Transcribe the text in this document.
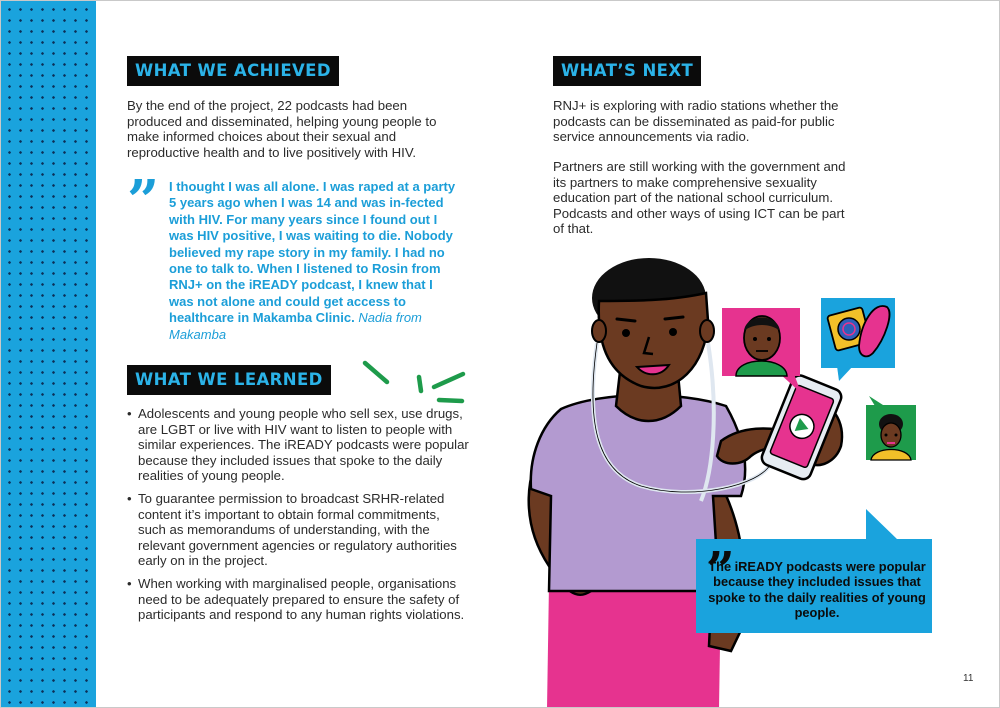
WHAT WE ACHIEVED

By the end of the project, 22 podcasts had been produced and disseminated, helping young people to make informed choices about their sexual and reproductive health and to live positively with HIV.

” I thought I was all alone. I was raped at a party 5 years ago when I was 14 and was in-fected with HIV. For many years since I found out I was HIV positive, I was waiting to die. Nobody believed my rape story in my family. I had no one to talk to. When I listened to Rosin from RNJ+ on the iREADY podcast, I knew that I was not alone and could get access to healthcare in Makamba Clinic. Nadia from Makamba

WHAT WE LEARNED
• Adolescents and young people who sell sex, use drugs, are LGBT or live with HIV want to listen to people with similar experiences. The iREADY podcasts were popular because they included issues that spoke to the daily realities of young people.
• To guarantee permission to broadcast SRHR-related content it’s important to obtain formal commitments, such as memorandums of understanding, with the relevant government agencies or regulatory authorities early on in the project.
• When working with marginalised people, organisations need to be adequately prepared to ensure the safety of participants and respond to any human rights violations.
WHAT’S NEXT

RNJ+ is exploring with radio stations whether the podcasts can be disseminated as paid-for public service announcements via radio.

Partners are still working with the government and its partners to make comprehensive sexuality education part of the national school curriculum. Podcasts and other ways of using ICT can be part of that.

”

The iREADY podcasts were popular because they included issues that spoke to the daily realities of young people.

11
